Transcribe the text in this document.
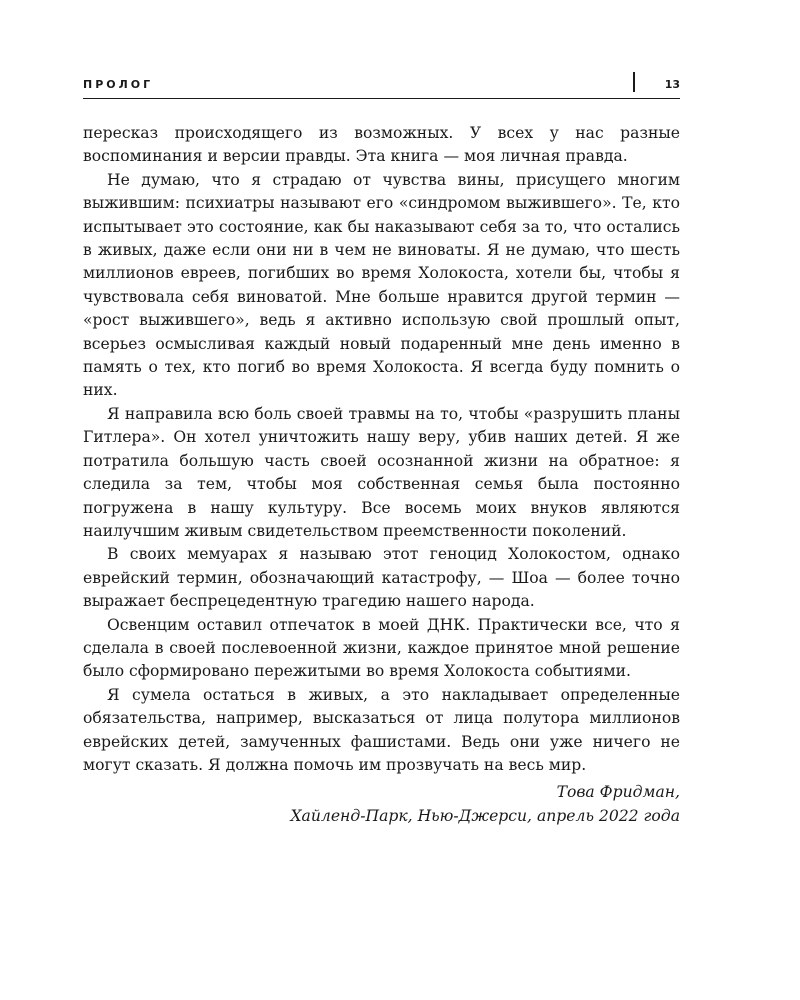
ПРОЛОГ	13

пересказ происходящего из возможных. У всех у нас разные воспоминания и версии правды. Эта книга — моя личная правда.

Не думаю, что я страдаю от чувства вины, присущего многим выжившим: психиатры называют его «синдромом выжившего». Те, кто испытывает это состояние, как бы наказывают себя за то, что остались в живых, даже если они ни в чем не виноваты. Я не думаю, что шесть миллионов евреев, погибших во время Холокоста, хотели бы, чтобы я чувствовала себя виноватой. Мне больше нравится другой термин — «рост выжившего», ведь я активно использую свой прошлый опыт, всерьез осмысливая каждый новый подаренный мне день именно в память о тех, кто погиб во время Холокоста. Я всегда буду помнить о них.

Я направила всю боль своей травмы на то, чтобы «разрушить планы Гитлера». Он хотел уничтожить нашу веру, убив наших детей. Я же потратила большую часть своей осознанной жизни на обратное: я следила за тем, чтобы моя собственная семья была постоянно погружена в нашу культуру. Все восемь моих внуков являются наилучшим живым свидетельством преемственности поколений.

В своих мемуарах я называю этот геноцид Холокостом, однако еврейский термин, обозначающий катастрофу, — Шоа — более точно выражает беспрецедентную трагедию нашего народа.

Освенцим оставил отпечаток в моей ДНК. Практически все, что я сделала в своей послевоенной жизни, каждое принятое мной решение было сформировано пережитыми во время Холокоста событиями.

Я сумела остаться в живых, а это накладывает определенные обязательства, например, высказаться от лица полутора миллионов еврейских детей, замученных фашистами. Ведь они уже ничего не могут сказать. Я должна помочь им прозвучать на весь мир.

Това Фридман,
Хайленд-Парк, Нью-Джерси, апрель 2022 года
